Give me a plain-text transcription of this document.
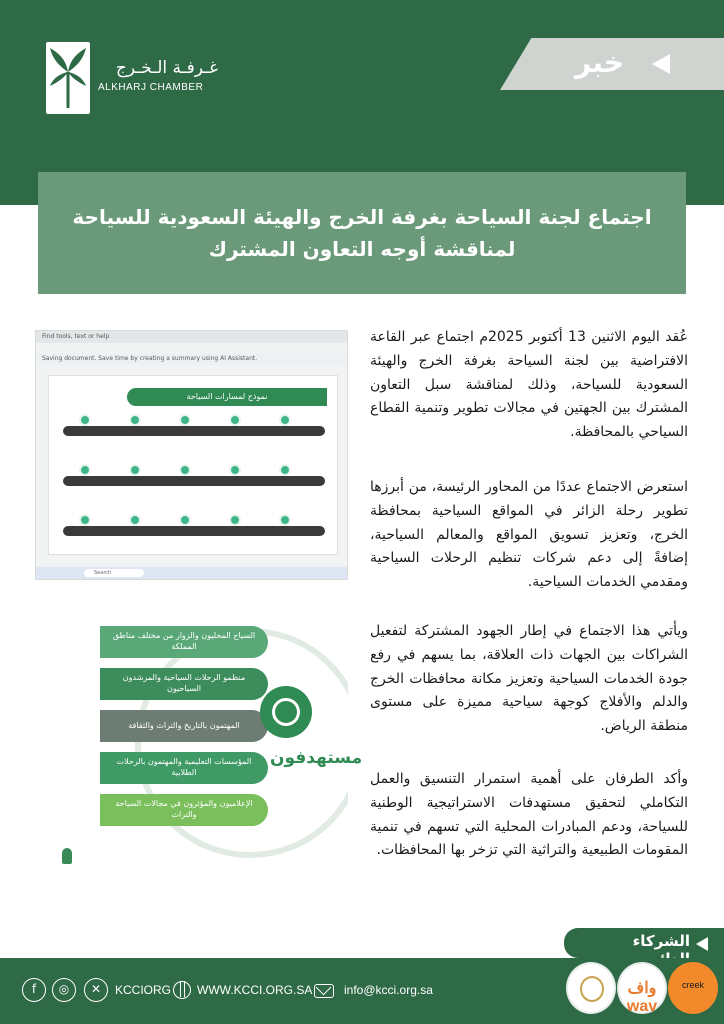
غـرفـة الـخـرج
ALKHARJ CHAMBER
خبر
اجتماع لجنة السياحة بغرفة الخرج والهيئة السعودية للسياحة لمناقشة أوجه التعاون المشترك
Find tools, text or help
Saving document. Save time by creating a summary using AI Assistant.
نموذج لمسارات السياحة
Search
السياح المحليون والزوار من مختلف مناطق المملكة
منظمو الرحلات السياحية والمرشدون السياحيون
المهتمون بالتاريخ والتراث والثقافة
المؤسسات التعليمية والمهتمون بالرحلات الطلابية
الإعلاميون والمؤثرون في مجالات السياحة والتراث
مستهدفون

عُقد اليوم الاثنين 13 أكتوبر 2025م اجتماع عبر القاعة الافتراضية بين لجنة السياحة بغرفة الخرج والهيئة السعودية للسياحة، وذلك لمناقشة سبل التعاون المشترك بين الجهتين في مجالات تطوير وتنمية القطاع السياحي بالمحافظة.

استعرض الاجتماع عددًا من المحاور الرئيسة، من أبرزها تطوير رحلة الزائر في المواقع السياحية بمحافظة الخرج، وتعزيز تسويق المواقع والمعالم السياحية، إضافةً إلى دعم شركات تنظيم الرحلات السياحية ومقدمي الخدمات السياحية.

ويأتي هذا الاجتماع في إطار الجهود المشتركة لتفعيل الشراكات بين الجهات ذات العلاقة، بما يسهم في رفع جودة الخدمات السياحية وتعزيز مكانة محافظات الخرج والدلم والأفلاج كوجهة سياحية مميزة على مستوى منطقة الرياض.

وأكد الطرفان على أهمية استمرار التنسيق والعمل التكاملي لتحقيق مستهدفات الاستراتيجية الوطنية للسياحة، ودعم المبادرات المحلية التي تسهم في تنمية المقومات الطبيعية والتراثية التي تزخر بها المحافظات.

الشركاء
f	◎	✕	KCCIORG WWW.KCCI.ORG.SA	info@kcci.org.sa	واف wav
creek
